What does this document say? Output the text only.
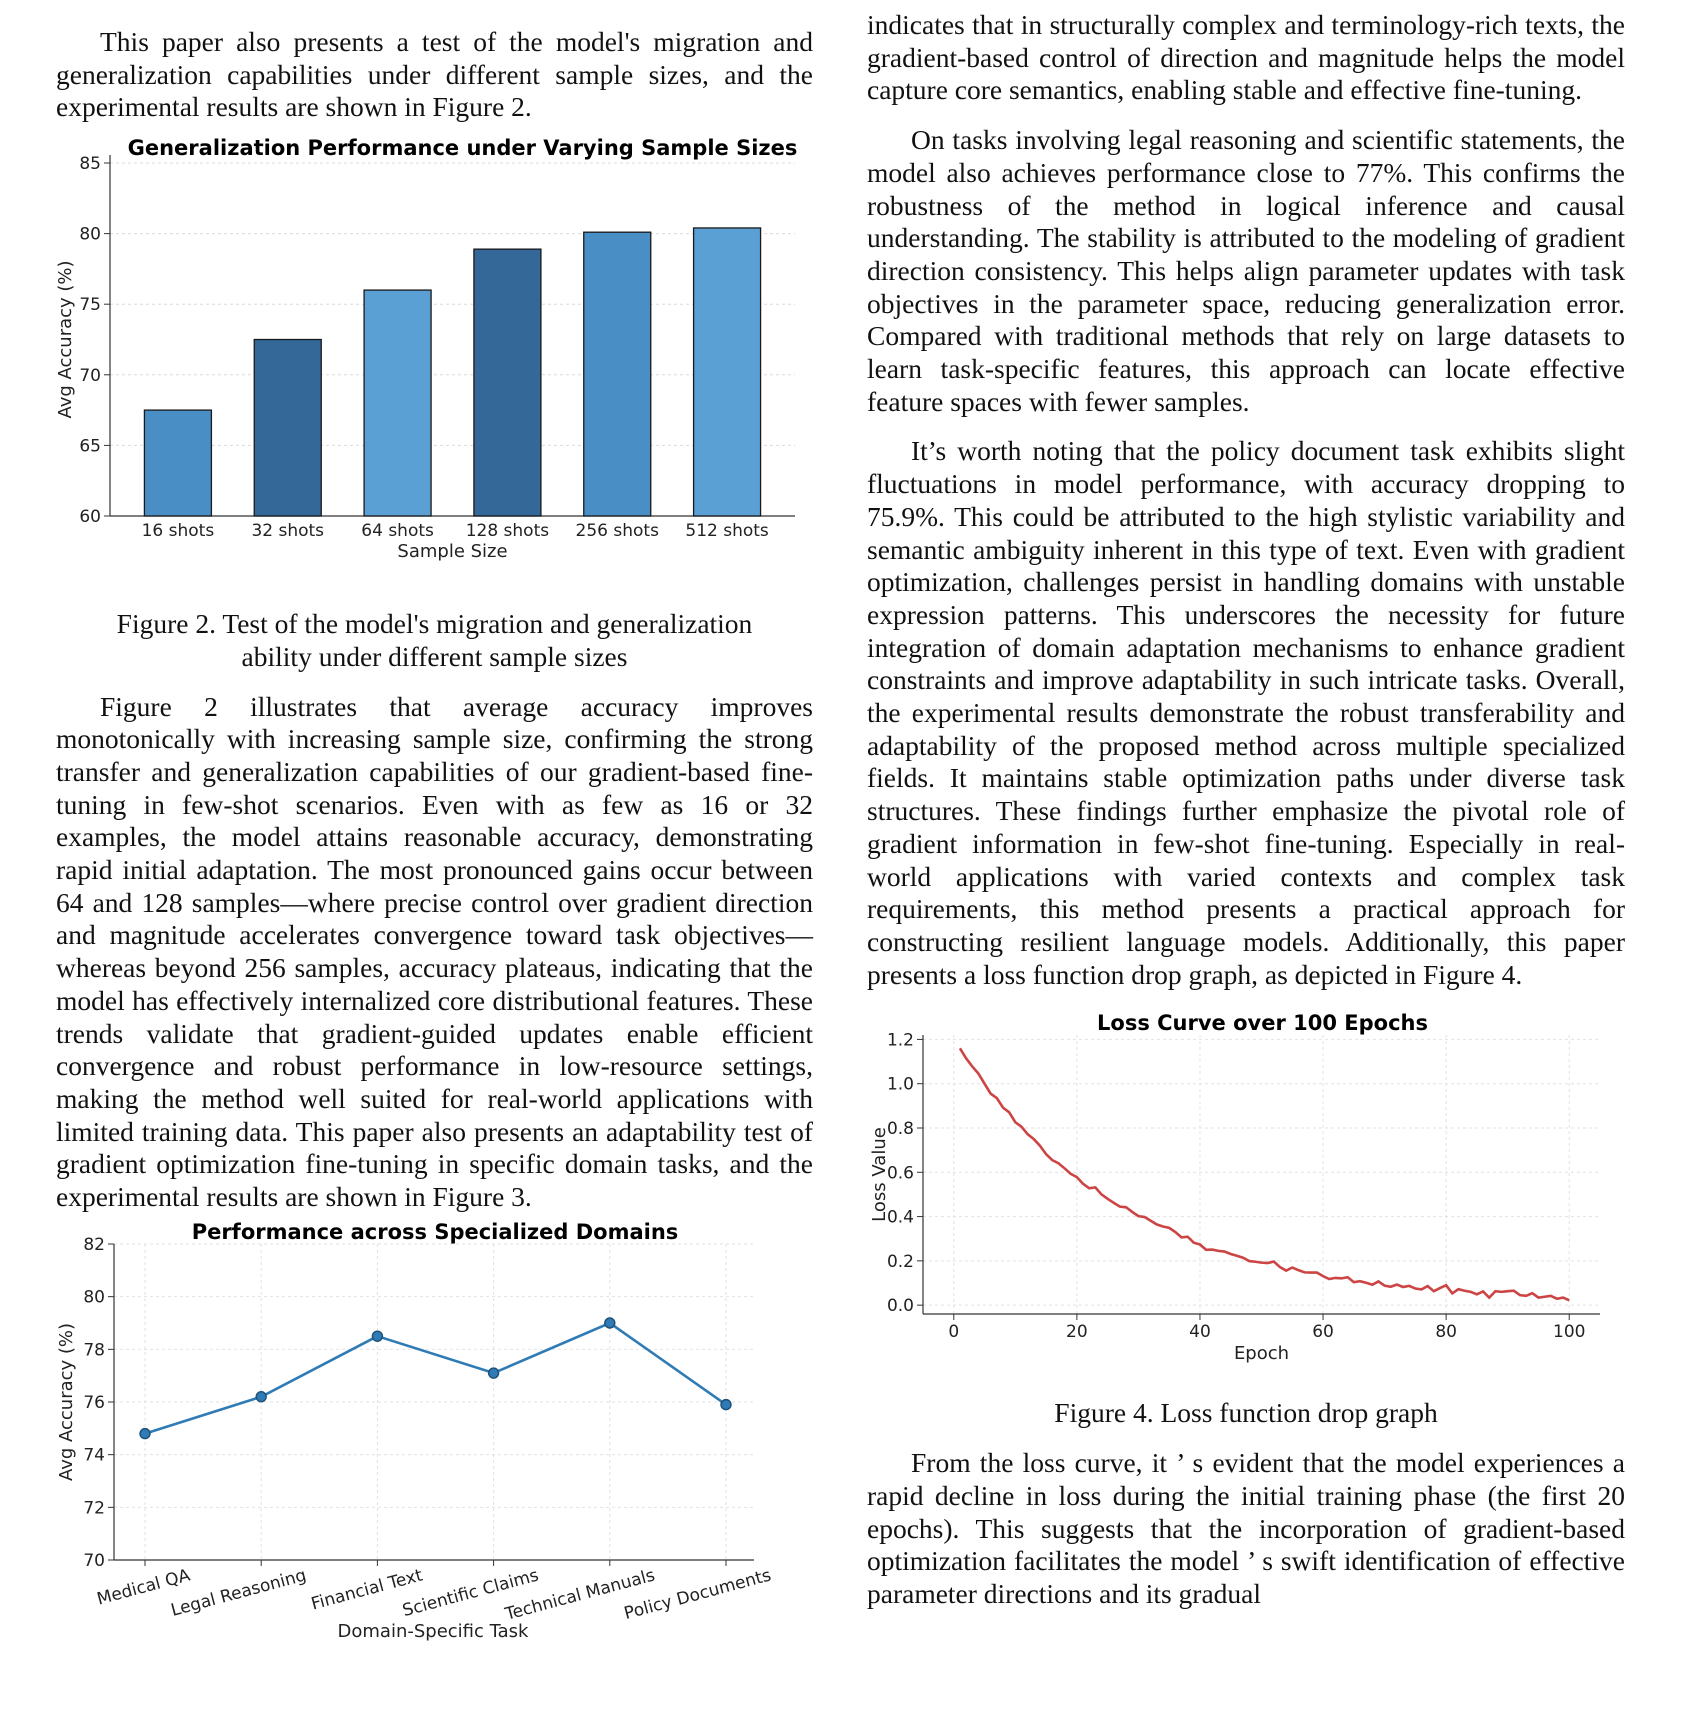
This paper also presents a test of the model's migration and generalization capabilities under different sample sizes, and the experimental results are shown in Figure 2.

Generalization Performance under Varying Sample Sizes
60
65
70
75
80
85
16 shots 32 shots 64 shots 128 shots 256 shots 512 shots
Sample Size
Avg Accuracy (%)

Figure 2. Test of the model's migration and generalization ability under different sample sizes

Figure 2 illustrates that average accuracy improves monotonically with increasing sample size, confirming the strong transfer and generalization capabilities of our gradient-based fine-tuning in few-shot scenarios. Even with as few as 16 or 32 examples, the model attains reasonable accuracy, demonstrating rapid initial adaptation. The most pronounced gains occur between 64 and 128 samples—where precise control over gradient direction and magnitude accelerates convergence toward task objectives—whereas beyond 256 samples, accuracy plateaus, indicating that the model has effectively internalized core distributional features. These trends validate that gradient-guided updates enable efficient convergence and robust performance in low-resource settings, making the method well suited for real-world applications with limited training data. This paper also presents an adaptability test of gradient optimization fine-tuning in specific domain tasks, and the experimental results are shown in Figure 3.

Performance across Specialized Domains
70
72
74
76
78
80
82
Medical QA
Legal Reasoning Financial Text
Scientific Claims
Technical Manuals
Policy Documents
Domain-Specific Task
Avg Accuracy (%)

indicates that in structurally complex and terminology-rich texts, the gradient-based control of direction and magnitude helps the model capture core semantics, enabling stable and effective fine-tuning.

On tasks involving legal reasoning and scientific statements, the model also achieves performance close to 77%. This confirms the robustness of the method in logical inference and causal understanding. The stability is attributed to the modeling of gradient direction consistency. This helps align parameter updates with task objectives in the parameter space, reducing generalization error. Compared with traditional methods that rely on large datasets to learn task-specific features, this approach can locate effective feature spaces with fewer samples.

It’s worth noting that the policy document task exhibits slight fluctuations in model performance, with accuracy dropping to 75.9%. This could be attributed to the high stylistic variability and semantic ambiguity inherent in this type of text. Even with gradient optimization, challenges persist in handling domains with unstable expression patterns. This underscores the necessity for future integration of domain adaptation mechanisms to enhance gradient constraints and improve adaptability in such intricate tasks. Overall, the experimental results demonstrate the robust transferability and adaptability of the proposed method across multiple specialized fields. It maintains stable optimization paths under diverse task structures. These findings further emphasize the pivotal role of gradient information in few-shot fine-tuning. Especially in real-world applications with varied contexts and complex task requirements, this method presents a practical approach for constructing resilient language models. Additionally, this paper presents a loss function drop graph, as depicted in Figure 4.

Loss Curve over 100 Epochs
0	20	40	60	80	100
0.0
0.2
0.4
0.6
0.8
1.0
1.2
Epoch
Loss Value

Figure 4. Loss function drop graph

From the loss curve, it ’ s evident that the model experiences a rapid decline in loss during the initial training phase (the first 20 epochs). This suggests that the incorporation of gradient-based optimization facilitates the model ’ s swift identification of effective parameter directions and its gradual
